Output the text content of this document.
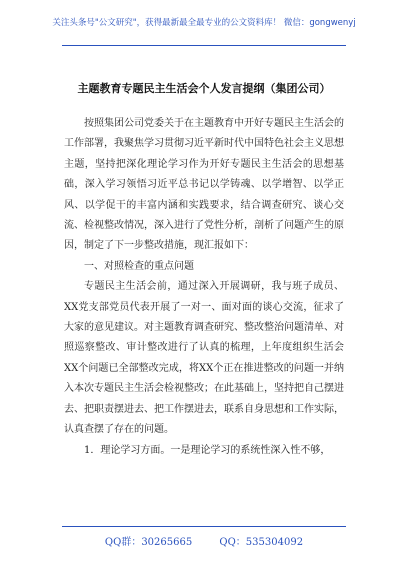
关注头条号"公文研究"，获得最新最全最专业的公文资料库！ 微信：gongwenyj
主题教育专题民主生活会个人发言提纲（集团公司）

按照集团公司党委关于在主题教育中开好专题民主生活会的工作部署，我聚焦学习贯彻习近平新时代中国特色社会主义思想主题，坚持把深化理论学习作为开好专题民主生活会的思想基础，深入学习领悟习近平总书记以学铸魂、以学增智、以学正风、以学促干的丰富内涵和实践要求，结合调查研究、谈心交流、检视整改情况，深入进行了党性分析，剖析了问题产生的原因，制定了下一步整改措施，现汇报如下：

一、对照检查的重点问题

专题民主生活会前，通过深入开展调研，我与班子成员、XX党支部党员代表开展了一对一、面对面的谈心交流，征求了大家的意见建议。对主题教育调查研究、整改整治问题清单、对照巡察整改、审计整改进行了认真的梳理，上年度组织生活会XX个问题已全部整改完成，将XX个正在推进整改的问题一并纳入本次专题民主生活会检视整改；在此基础上，坚持把自己摆进去、把职责摆进去、把工作摆进去，联系自身思想和工作实际，认真查摆了存在的问题。

1．理论学习方面。一是理论学习的系统性深入性不够，

QQ群：30265665	QQ：535304092
